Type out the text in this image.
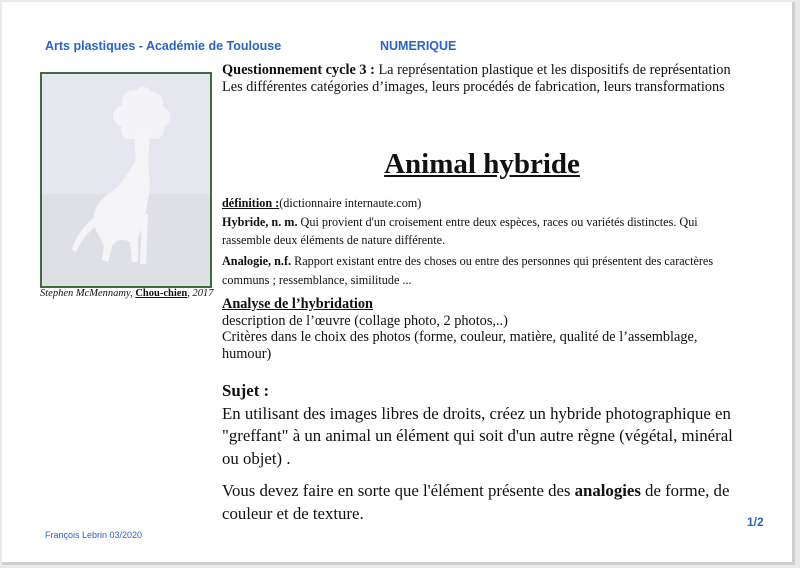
Arts plastiques - Académie de Toulouse	NUMERIQUE
Stephen McMennamy, Chou-chien, 2017
Questionnement cycle 3 : La représentation plastique et les dispositifs de représentation
Les différentes catégories d’images, leurs procédés de fabrication, leurs transformations
Animal hybride
définition :(dictionnaire internaute.com)
Hybride, n. m. Qui provient d'un croisement entre deux espèces, races ou variétés distinctes. Qui rassemble deux éléments de nature différente.
Analogie, n.f. Rapport existant entre des choses ou entre des personnes qui présentent des caractères communs ; ressemblance, similitude ...
Analyse de l’hybridation
description de l’œuvre (collage photo, 2 photos,..)
Critères dans le choix des photos (forme, couleur, matière, qualité de l’assemblage, humour)
Sujet :

En utilisant des images libres de droits, créez un hybride photographique en "greffant" à un animal un élément qui soit d'un autre règne (végétal, minéral ou objet) .

Vous devez faire en sorte que l'élément présente des analogies de forme, de couleur et de texture.

François Lebrin 03/2020
1/2
